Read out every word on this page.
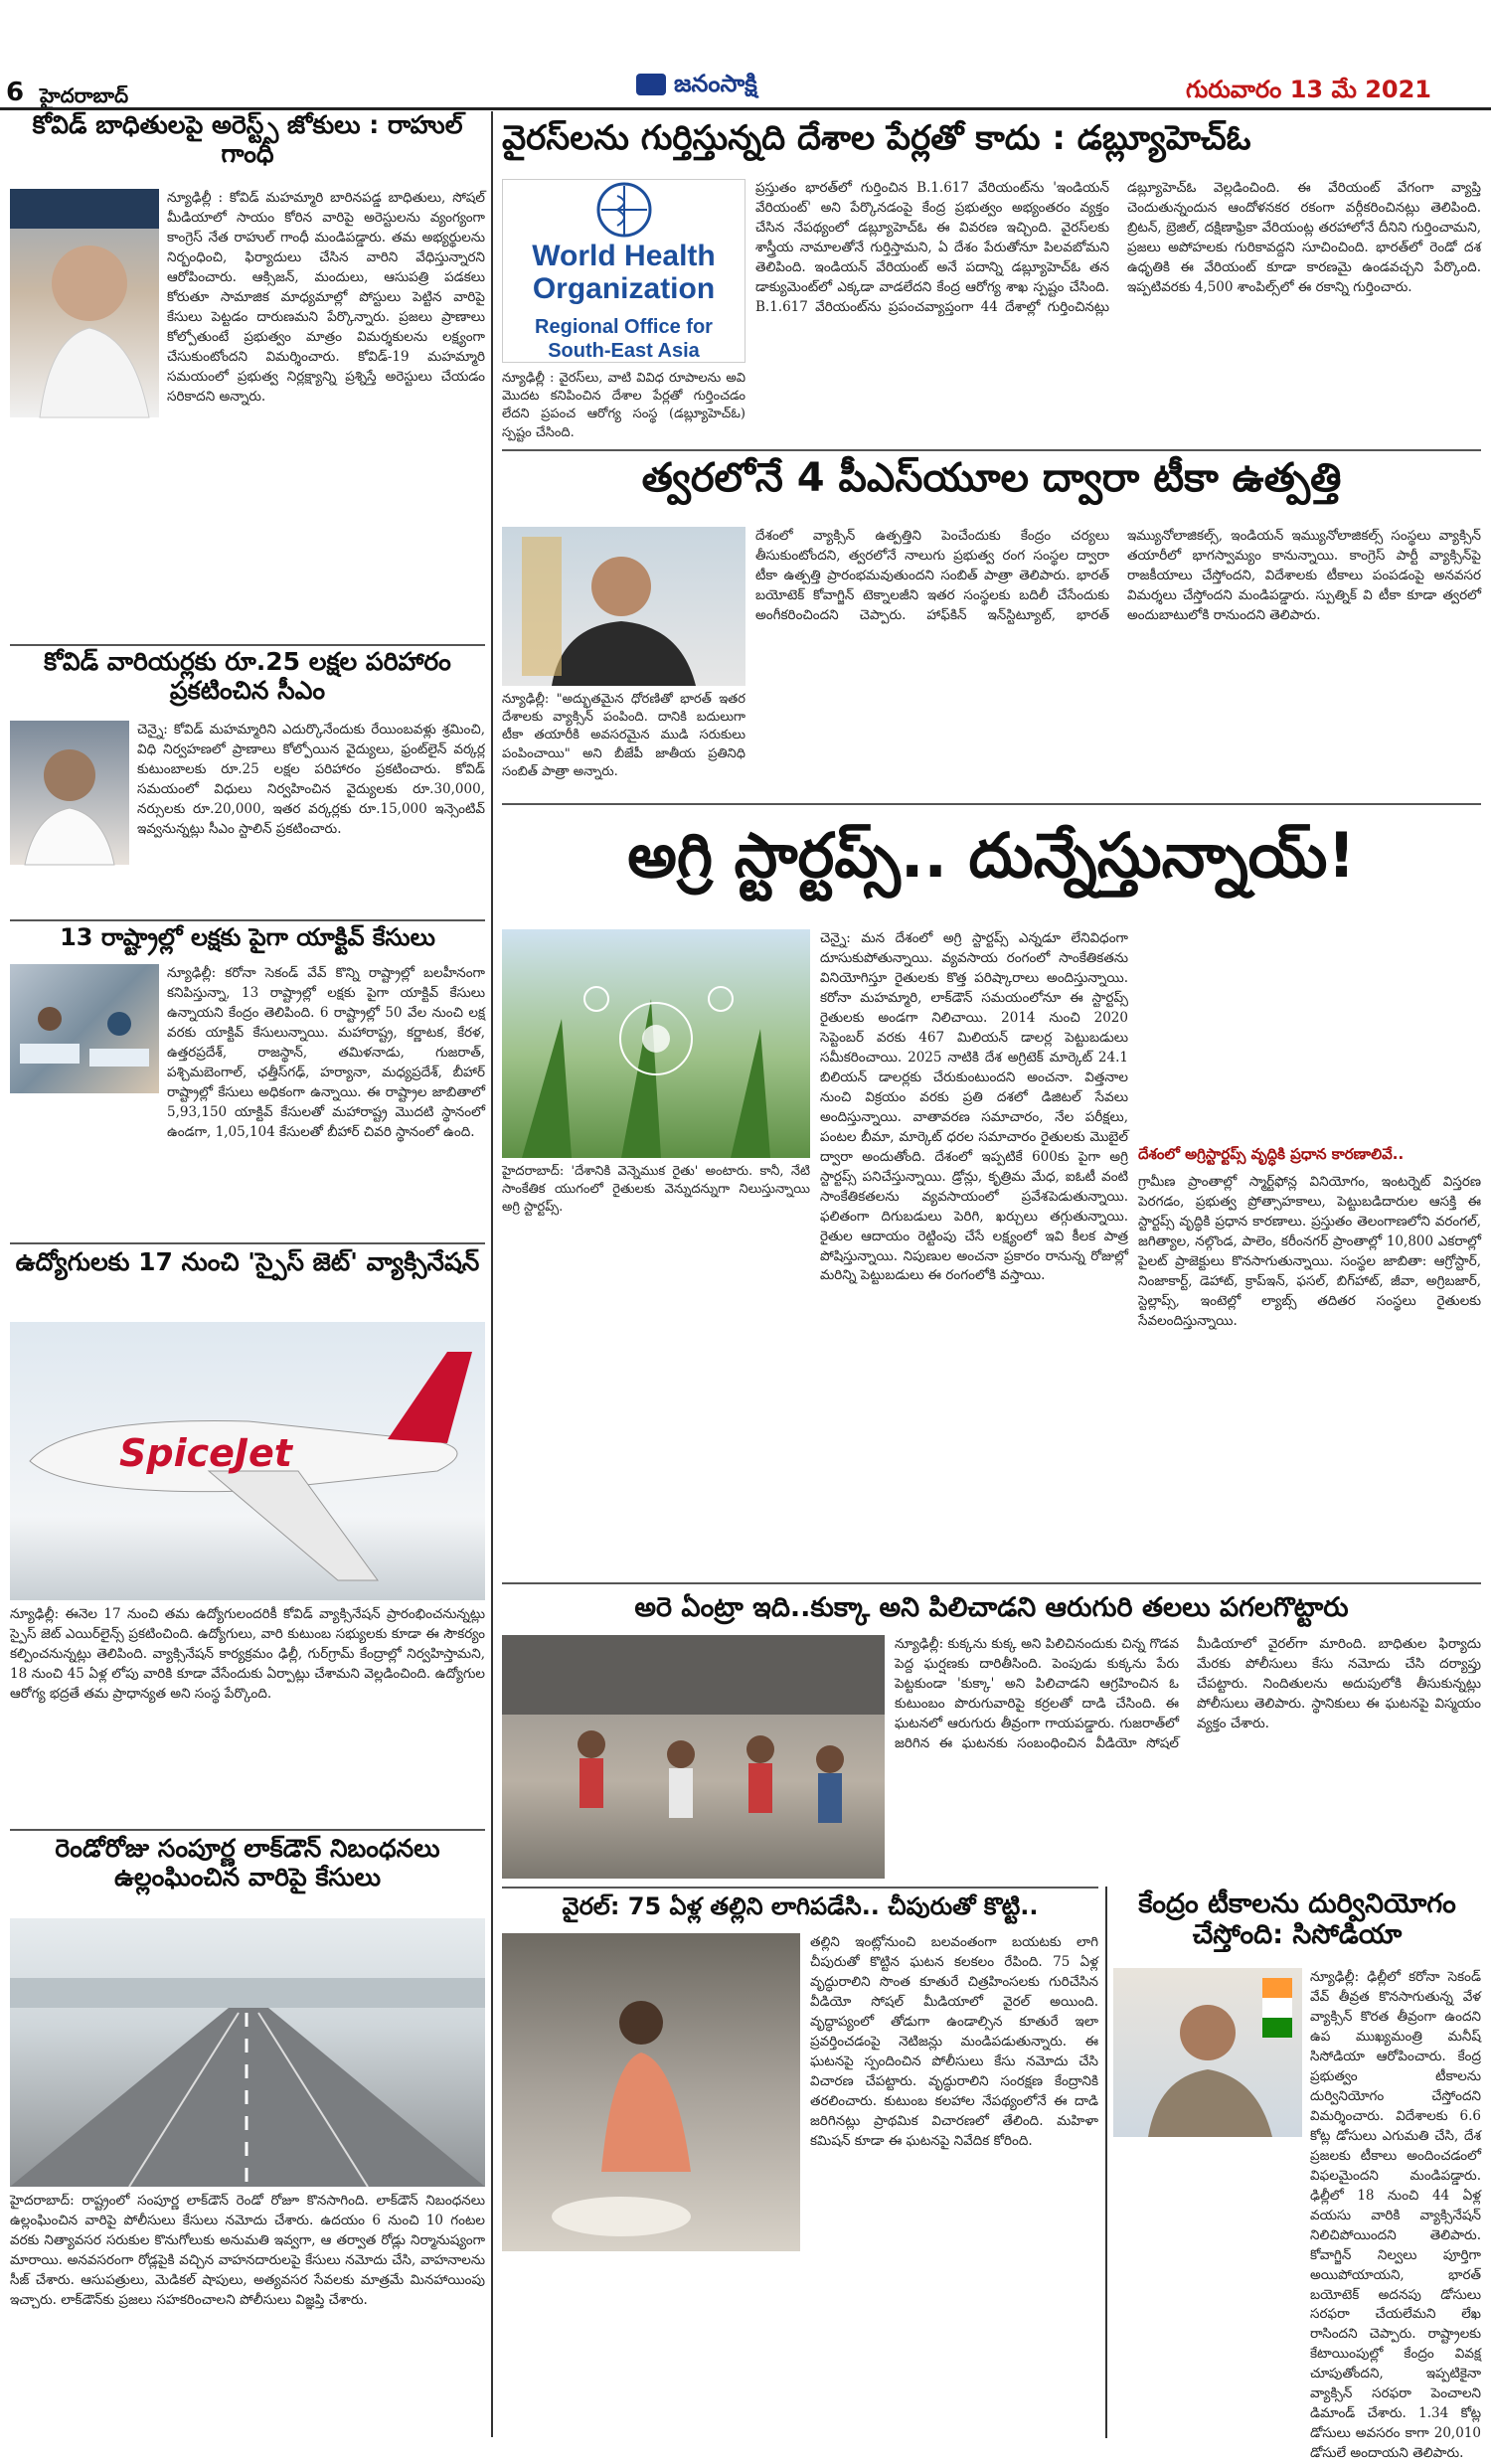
6 హైదరాబాద్	జనంసాక్షి	గురువారం 13 మే 2021
కోవిడ్ బాధితులపై అరెస్ట్స్ జోకులు : రాహుల్ గాంధీ
న్యూఢిల్లీ : కోవిడ్ మహమ్మారి బారినపడ్డ బాధితులు, సోషల్ మీడియాలో సాయం కోరిన వారిపై అరెస్టులను వ్యంగ్యంగా కాంగ్రెస్ నేత రాహుల్ గాంధీ మండిపడ్డారు. తమ అభ్యర్థులను నిర్బంధించి, ఫిర్యాదులు చేసిన వారిని వేధిస్తున్నారని ఆరోపించారు. ఆక్సిజన్, మందులు, ఆసుపత్రి పడకలు కోరుతూ సామాజిక మాధ్యమాల్లో పోస్టులు పెట్టిన వారిపై కేసులు పెట్టడం దారుణమని పేర్కొన్నారు. ప్రజలు ప్రాణాలు కోల్పోతుంటే ప్రభుత్వం మాత్రం విమర్శకులను లక్ష్యంగా చేసుకుంటోందని విమర్శించారు. కోవిడ్-19 మహమ్మారి సమయంలో ప్రభుత్వ నిర్లక్ష్యాన్ని ప్రశ్నిస్తే అరెస్టులు చేయడం సరికాదని అన్నారు.
కోవిడ్ వారియర్లకు రూ.25 లక్షల పరిహారం ప్రకటించిన సీఎం
చెన్నై: కోవిడ్ మహమ్మారిని ఎదుర్కొనేందుకు రేయింబవళ్లు శ్రమించి, విధి నిర్వహణలో ప్రాణాలు కోల్పోయిన వైద్యులు, ఫ్రంట్‌లైన్ వర్కర్ల కుటుంబాలకు రూ.25 లక్షల పరిహారం ప్రకటించారు. కోవిడ్ సమయంలో విధులు నిర్వహించిన వైద్యులకు రూ.30,000, నర్సులకు రూ.20,000, ఇతర వర్కర్లకు రూ.15,000 ఇన్సెంటివ్ ఇవ్వనున్నట్లు సీఎం స్టాలిన్ ప్రకటించారు.
13 రాష్ట్రాల్లో లక్షకు పైగా యాక్టివ్ కేసులు
న్యూఢిల్లీ: కరోనా సెకండ్ వేవ్ కొన్ని రాష్ట్రాల్లో బలహీనంగా కనిపిస్తున్నా, 13 రాష్ట్రాల్లో లక్షకు పైగా యాక్టివ్ కేసులు ఉన్నాయని కేంద్రం తెలిపింది. 6 రాష్ట్రాల్లో 50 వేల నుంచి లక్ష వరకు యాక్టివ్ కేసులున్నాయి. మహారాష్ట్ర, కర్ణాటక, కేరళ, ఉత్తరప్రదేశ్, రాజస్థాన్, తమిళనాడు, గుజరాత్, పశ్చిమబెంగాల్, ఛత్తీస్‌గఢ్, హర్యానా, మధ్యప్రదేశ్, బీహార్ రాష్ట్రాల్లో కేసులు అధికంగా ఉన్నాయి. ఈ రాష్ట్రాల జాబితాలో 5,93,150 యాక్టివ్ కేసులతో మహారాష్ట్ర మొదటి స్థానంలో ఉండగా, 1,05,104 కేసులతో బీహార్ చివరి స్థానంలో ఉంది.
ఉద్యోగులకు 17 నుంచి 'స్పైస్ జెట్' వ్యాక్సినేషన్
SpiceJet
న్యూఢిల్లీ: ఈనెల 17 నుంచి తమ ఉద్యోగులందరికీ కోవిడ్ వ్యాక్సినేషన్ ప్రారంభించనున్నట్లు స్పైస్ జెట్ ఎయిర్‌లైన్స్ ప్రకటించింది. ఉద్యోగులు, వారి కుటుంబ సభ్యులకు కూడా ఈ సౌకర్యం కల్పించనున్నట్లు తెలిపింది. వ్యాక్సినేషన్ కార్యక్రమం ఢిల్లీ, గుర్‌గ్రామ్ కేంద్రాల్లో నిర్వహిస్తామని, 18 నుంచి 45 ఏళ్ల లోపు వారికి కూడా వేసేందుకు ఏర్పాట్లు చేశామని వెల్లడించింది. ఉద్యోగుల ఆరోగ్య భద్రతే తమ ప్రాధాన్యత అని సంస్థ పేర్కొంది.
రెండోరోజు సంపూర్ణ లాక్‌డౌన్ నిబంధనలు ఉల్లంఘించిన వారిపై కేసులు
హైదరాబాద్: రాష్ట్రంలో సంపూర్ణ లాక్‌డౌన్ రెండో రోజూ కొనసాగింది. లాక్‌డౌన్ నిబంధనలు ఉల్లంఘించిన వారిపై పోలీసులు కేసులు నమోదు చేశారు. ఉదయం 6 నుంచి 10 గంటల వరకు నిత్యావసర సరుకుల కొనుగోలుకు అనుమతి ఇవ్వగా, ఆ తర్వాత రోడ్లు నిర్మానుష్యంగా మారాయి. అనవసరంగా రోడ్లపైకి వచ్చిన వాహనదారులపై కేసులు నమోదు చేసి, వాహనాలను సీజ్ చేశారు. ఆసుపత్రులు, మెడికల్ షాపులు, అత్యవసర సేవలకు మాత్రమే మినహాయింపు ఇచ్చారు. లాక్‌డౌన్‌కు ప్రజలు సహకరించాలని పోలీసులు విజ్ఞప్తి చేశారు.
వైరస్‌లను గుర్తిస్తున్నది దేశాల పేర్లతో కాదు : డబ్ల్యూహెచ్ఓ
World Health Organization
Regional Office for South-East Asia
న్యూఢిల్లీ : వైరస్‌లు, వాటి వివిధ రూపాలను అవి మొదట కనిపించిన దేశాల పేర్లతో గుర్తించడం లేదని ప్రపంచ ఆరోగ్య సంస్థ (డబ్ల్యూహెచ్ఓ) స్పష్టం చేసింది.
ప్రస్తుతం భారత్‌లో గుర్తించిన B.1.617 వేరియంట్‌ను 'ఇండియన్ వేరియంట్' అని పేర్కొనడంపై కేంద్ర ప్రభుత్వం అభ్యంతరం వ్యక్తం చేసిన నేపథ్యంలో డబ్ల్యూహెచ్ఓ ఈ వివరణ ఇచ్చింది. వైరస్‌లకు శాస్త్రీయ నామాలతోనే గుర్తిస్తామని, ఏ దేశం పేరుతోనూ పిలవబోమని తెలిపింది. ఇండియన్ వేరియంట్ అనే పదాన్ని డబ్ల్యూహెచ్ఓ తన డాక్యుమెంట్‌లో ఎక్కడా వాడలేదని కేంద్ర ఆరోగ్య శాఖ స్పష్టం చేసింది. B.1.617 వేరియంట్‌ను ప్రపంచవ్యాప్తంగా 44 దేశాల్లో గుర్తించినట్లు డబ్ల్యూహెచ్ఓ వెల్లడించింది. ఈ వేరియంట్ వేగంగా వ్యాప్తి చెందుతున్నందున ఆందోళనకర రకంగా వర్గీకరించినట్లు తెలిపింది. బ్రిటన్, బ్రెజిల్, దక్షిణాఫ్రికా వేరియంట్ల తరహాలోనే దీనిని గుర్తించామని, ప్రజలు అపోహలకు గురికావద్దని సూచించింది. భారత్‌లో రెండో దశ ఉధృతికి ఈ వేరియంట్ కూడా కారణమై ఉండవచ్చని పేర్కొంది. ఇప్పటివరకు 4,500 శాంపిల్స్‌లో ఈ రకాన్ని గుర్తించారు.
త్వరలోనే 4 పీఎస్‌యూల ద్వారా టీకా ఉత్పత్తి
న్యూఢిల్లీ: "అద్భుతమైన ధోరణితో భారత్ ఇతర దేశాలకు వ్యాక్సిన్ పంపింది. దానికి బదులుగా టీకా తయారీకి అవసరమైన ముడి సరుకులు పంపించాయి" అని బీజేపీ జాతీయ ప్రతినిధి సంబిత్ పాత్రా అన్నారు.
దేశంలో వ్యాక్సిన్ ఉత్పత్తిని పెంచేందుకు కేంద్రం చర్యలు తీసుకుంటోందని, త్వరలోనే నాలుగు ప్రభుత్వ రంగ సంస్థల ద్వారా టీకా ఉత్పత్తి ప్రారంభమవుతుందని సంబిత్ పాత్రా తెలిపారు. భారత్ బయోటెక్ కోవాగ్జిన్ టెక్నాలజీని ఇతర సంస్థలకు బదిలీ చేసేందుకు అంగీకరించిందని చెప్పారు. హాఫ్‌కిన్ ఇన్‌స్టిట్యూట్, భారత్ ఇమ్యునోలాజికల్స్, ఇండియన్ ఇమ్యునోలాజికల్స్ సంస్థలు వ్యాక్సిన్ తయారీలో భాగస్వామ్యం కానున్నాయి. కాంగ్రెస్ పార్టీ వ్యాక్సిన్‌పై రాజకీయాలు చేస్తోందని, విదేశాలకు టీకాలు పంపడంపై అనవసర విమర్శలు చేస్తోందని మండిపడ్డారు. స్పుత్నిక్ వి టీకా కూడా త్వరలో అందుబాటులోకి రానుందని తెలిపారు.
అగ్రి స్టార్టప్స్.. దున్నేస్తున్నాయ్!
హైదరాబాద్: 'దేశానికి వెన్నెముక రైతు' అంటారు. కానీ, నేటి సాంకేతిక యుగంలో రైతులకు వెన్నుదన్నుగా నిలుస్తున్నాయి అగ్రి స్టార్టప్స్.
చెన్నై: మన దేశంలో అగ్రి స్టార్టప్స్ ఎన్నడూ లేనివిధంగా దూసుకుపోతున్నాయి. వ్యవసాయ రంగంలో సాంకేతికతను వినియోగిస్తూ రైతులకు కొత్త పరిష్కారాలు అందిస్తున్నాయి. కరోనా మహమ్మారి, లాక్‌డౌన్ సమయంలోనూ ఈ స్టార్టప్స్ రైతులకు అండగా నిలిచాయి. 2014 నుంచి 2020 సెప్టెంబర్ వరకు 467 మిలియన్ డాలర్ల పెట్టుబడులు సమీకరించాయి. 2025 నాటికి దేశ అగ్రిటెక్ మార్కెట్ 24.1 బిలియన్ డాలర్లకు చేరుకుంటుందని అంచనా. విత్తనాల నుంచి విక్రయం వరకు ప్రతి దశలో డిజిటల్ సేవలు అందిస్తున్నాయి. వాతావరణ సమాచారం, నేల పరీక్షలు, పంటల బీమా, మార్కెట్ ధరల సమాచారం రైతులకు మొబైల్ ద్వారా అందుతోంది. దేశంలో ఇప్పటికే 600కు పైగా అగ్రి స్టార్టప్స్ పనిచేస్తున్నాయి. డ్రోన్లు, కృత్రిమ మేధ, ఐఓటీ వంటి సాంకేతికతలను వ్యవసాయంలో ప్రవేశపెడుతున్నాయి. ఫలితంగా దిగుబడులు పెరిగి, ఖర్చులు తగ్గుతున్నాయి. రైతుల ఆదాయం రెట్టింపు చేసే లక్ష్యంలో ఇవి కీలక పాత్ర పోషిస్తున్నాయి. నిపుణుల అంచనా ప్రకారం రానున్న రోజుల్లో మరిన్ని పెట్టుబడులు ఈ రంగంలోకి వస్తాయి.
దేశంలో అగ్రిస్టార్టప్స్ వృద్ధికి ప్రధాన కారణాలివే..
గ్రామీణ ప్రాంతాల్లో స్మార్ట్‌ఫోన్ల వినియోగం, ఇంటర్నెట్ విస్తరణ పెరగడం, ప్రభుత్వ ప్రోత్సాహకాలు, పెట్టుబడిదారుల ఆసక్తి ఈ స్టార్టప్స్ వృద్ధికి ప్రధాన కారణాలు. ప్రస్తుతం తెలంగాణలోని వరంగల్, జగిత్యాల, నల్గొండ, పాలెం, కరీంనగర్ ప్రాంతాల్లో 10,800 ఎకరాల్లో పైలట్ ప్రాజెక్టులు కొనసాగుతున్నాయి. సంస్థల జాబితా: ఆగ్రోస్టార్, నింజాకార్ట్, డెహాట్, క్రాప్ఇన్, ఫసల్, బిగ్‌హాట్, జీవా, అగ్రిబజార్, స్టెల్లాప్స్, ఇంటెల్లో ల్యాబ్స్ తదితర సంస్థలు రైతులకు సేవలందిస్తున్నాయి.
అరె ఏంట్రా ఇది..కుక్కా అని పిలిచాడని ఆరుగురి తలలు పగలగొట్టారు
న్యూఢిల్లీ: కుక్కను కుక్క అని పిలిచినందుకు చిన్న గొడవ పెద్ద ఘర్షణకు దారితీసింది. పెంపుడు కుక్కను పేరు పెట్టకుండా 'కుక్కా' అని పిలిచాడని ఆగ్రహించిన ఓ కుటుంబం పొరుగువారిపై కర్రలతో దాడి చేసింది. ఈ ఘటనలో ఆరుగురు తీవ్రంగా గాయపడ్డారు. గుజరాత్‌లో జరిగిన ఈ ఘటనకు సంబంధించిన వీడియో సోషల్ మీడియాలో వైరల్‌గా మారింది. బాధితుల ఫిర్యాదు మేరకు పోలీసులు కేసు నమోదు చేసి దర్యాప్తు చేపట్టారు. నిందితులను అదుపులోకి తీసుకున్నట్లు పోలీసులు తెలిపారు. స్థానికులు ఈ ఘటనపై విస్మయం వ్యక్తం చేశారు.
వైరల్: 75 ఏళ్ల తల్లిని లాగిపడేసి.. చీపురుతో కొట్టి..
తల్లిని ఇంట్లోనుంచి బలవంతంగా బయటకు లాగి చీపురుతో కొట్టిన ఘటన కలకలం రేపింది. 75 ఏళ్ల వృద్ధురాలిని సొంత కూతురే చిత్రహింసలకు గురిచేసిన వీడియో సోషల్ మీడియాలో వైరల్ అయింది. వృద్ధాప్యంలో తోడుగా ఉండాల్సిన కూతురే ఇలా ప్రవర్తించడంపై నెటిజన్లు మండిపడుతున్నారు. ఈ ఘటనపై స్పందించిన పోలీసులు కేసు నమోదు చేసి విచారణ చేపట్టారు. వృద్ధురాలిని సంరక్షణ కేంద్రానికి తరలించారు. కుటుంబ కలహాల నేపథ్యంలోనే ఈ దాడి జరిగినట్లు ప్రాథమిక విచారణలో తేలింది. మహిళా కమిషన్ కూడా ఈ ఘటనపై నివేదిక కోరింది.
కేంద్రం టీకాలను దుర్వినియోగం చేస్తోంది: సిసోడియా
న్యూఢిల్లీ: ఢిల్లీలో కరోనా సెకండ్ వేవ్ తీవ్రత కొనసాగుతున్న వేళ వ్యాక్సిన్ కొరత తీవ్రంగా ఉందని ఉప ముఖ్యమంత్రి మనీష్ సిసోడియా ఆరోపించారు. కేంద్ర ప్రభుత్వం టీకాలను దుర్వినియోగం చేస్తోందని విమర్శించారు. విదేశాలకు 6.6 కోట్ల డోసులు ఎగుమతి చేసి, దేశ ప్రజలకు టీకాలు అందించడంలో విఫలమైందని మండిపడ్డారు. ఢిల్లీలో 18 నుంచి 44 ఏళ్ల వయసు వారికి వ్యాక్సినేషన్ నిలిచిపోయిందని తెలిపారు. కోవాగ్జిన్ నిల్వలు పూర్తిగా అయిపోయాయని, భారత్ బయోటెక్ అదనపు డోసులు సరఫరా చేయలేమని లేఖ రాసిందని చెప్పారు. రాష్ట్రాలకు కేటాయింపుల్లో కేంద్రం వివక్ష చూపుతోందని, ఇప్పటికైనా వ్యాక్సిన్ సరఫరా పెంచాలని డిమాండ్ చేశారు. 1.34 కోట్ల డోసులు అవసరం కాగా 20,010 డోసులే అందాయని తెలిపారు.
